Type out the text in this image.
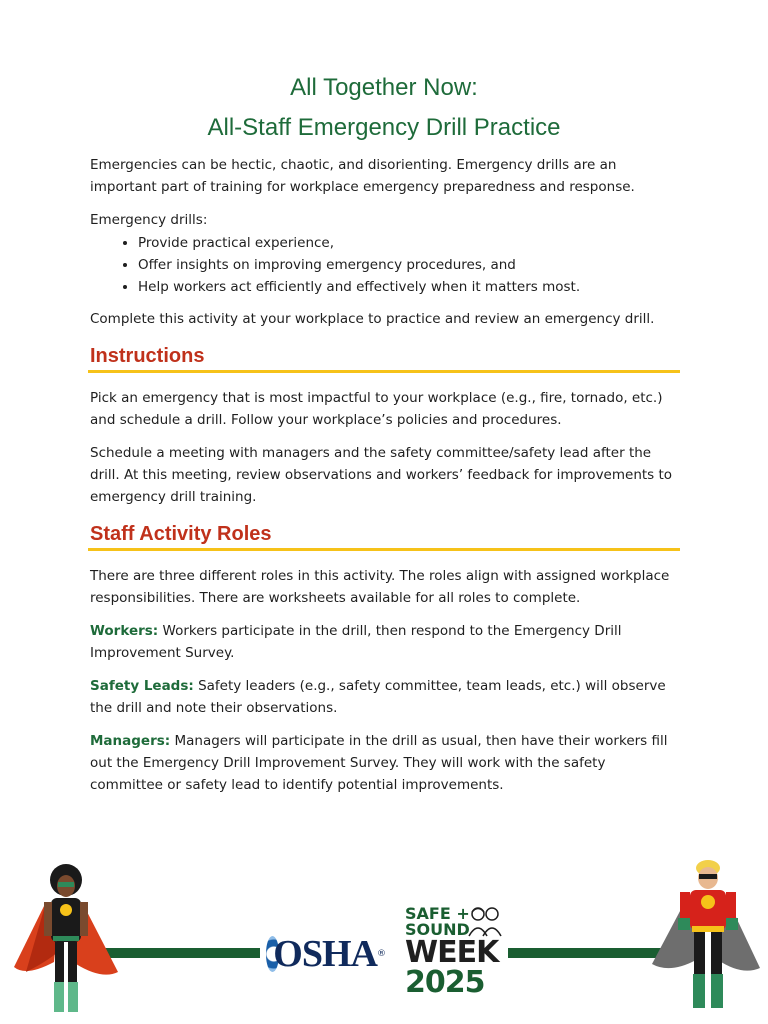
All Together Now:
All-Staff Emergency Drill Practice

Emergencies can be hectic, chaotic, and disorienting. Emergency drills are an important part of training for workplace emergency preparedness and response.

Emergency drills:

• Provide practical experience,
• Offer insights on improving emergency procedures, and
• Help workers act efficiently and effectively when it matters most.

Complete this activity at your workplace to practice and review an emergency drill.

Instructions

Pick an emergency that is most impactful to your workplace (e.g., fire, tornado, etc.) and schedule a drill. Follow your workplace’s policies and procedures.

Schedule a meeting with managers and the safety committee/safety lead after the drill. At this meeting, review observations and workers’ feedback for improvements to emergency drill training.

Staff Activity Roles

There are three different roles in this activity. The roles align with assigned workplace responsibilities. There are worksheets available for all roles to complete.

Workers: Workers participate in the drill, then respond to the Emergency Drill Improvement Survey.

Safety Leads: Safety leaders (e.g., safety committee, team leads, etc.) will observe the drill and note their observations.

Managers: Managers will participate in the drill as usual, then have their workers fill out the Emergency Drill Improvement Survey. They will work with the safety committee or safety lead to identify potential improvements.

OSHA ®
SAFE +
SOUND
WEEK
2025
